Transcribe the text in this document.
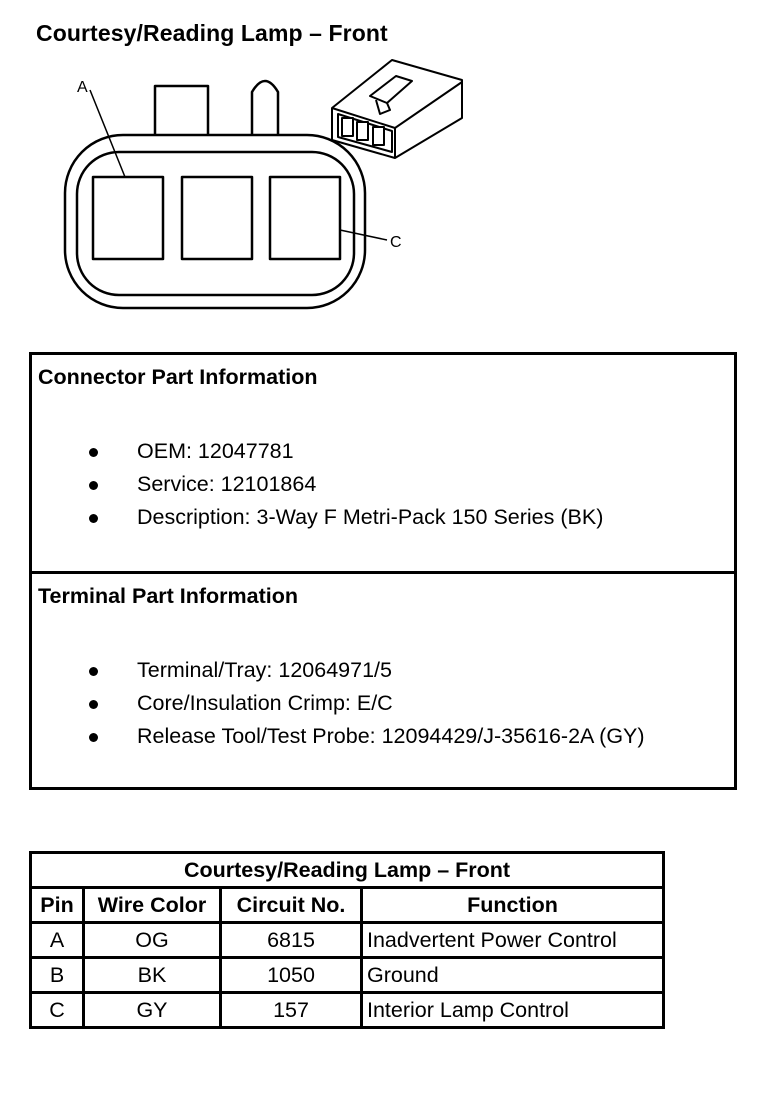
Courtesy/Reading Lamp – Front
A
C
Connector Part Information
OEM: 12047781
Service: 12101864
Description: 3-Way F Metri-Pack 150 Series (BK)
Terminal Part Information
Terminal/Tray: 12064971/5
Core/Insulation Crimp: E/C
Release Tool/Test Probe: 12094429/J-35616-2A (GY)
Courtesy/Reading Lamp – Front			
Pin	Wire Color	Circuit No.	Function
A	OG	6815	Inadvertent Power Control
B	BK	1050	Ground
C	GY	157	Interior Lamp Control
